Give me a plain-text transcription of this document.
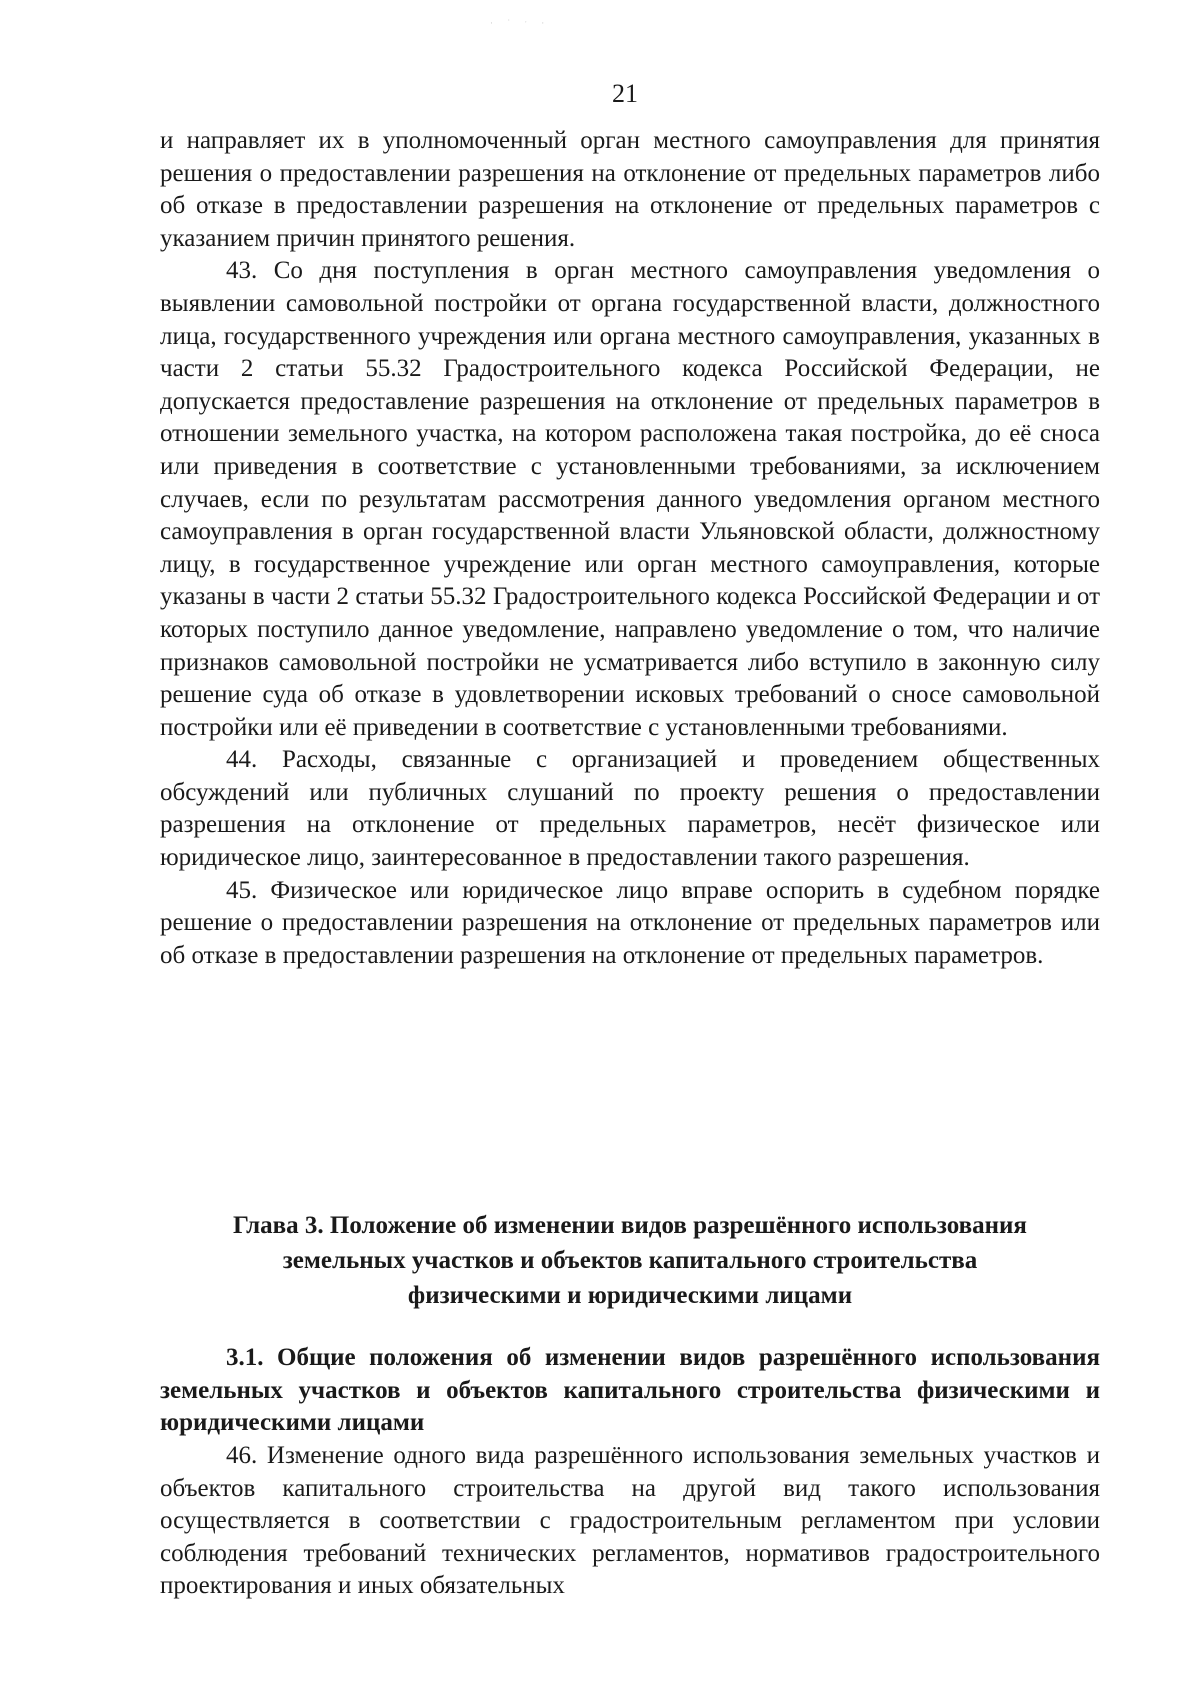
· ˙ ˑ ·
21

и направляет их в уполномоченный орган местного самоуправления для принятия решения о предоставлении разрешения на отклонение от предельных параметров либо об отказе в предоставлении разрешения на отклонение от предельных параметров с указанием причин принятого решения.

43. Со дня поступления в орган местного самоуправления уведомления о выявлении самовольной постройки от органа государственной власти, должностного лица, государственного учреждения или органа местного самоуправления, указанных в части 2 статьи 55.32 Градостроительного кодекса Российской Федерации, не допускается предоставление разрешения на отклонение от предельных параметров в отношении земельного участка, на котором расположена такая постройка, до её сноса или приведения в соответствие с установленными требованиями, за исключением случаев, если по результатам рассмотрения данного уведомления органом местного самоуправления в орган государственной власти Ульяновской области, должностному лицу, в государственное учреждение или орган местного самоуправления, которые указаны в части 2 статьи 55.32 Градостроительного кодекса Российской Федерации и от которых поступило данное уведомление, направлено уведомление о том, что наличие признаков самовольной постройки не усматривается либо вступило в законную силу решение суда об отказе в удовлетворении исковых требований о сносе самовольной постройки или её приведении в соответствие с установленными требованиями.

44. Расходы, связанные с организацией и проведением общественных обсуждений или публичных слушаний по проекту решения о предоставлении разрешения на отклонение от предельных параметров, несёт физическое или юридическое лицо, заинтересованное в предоставлении такого разрешения.

45. Физическое или юридическое лицо вправе оспорить в судебном порядке решение о предоставлении разрешения на отклонение от предельных параметров или об отказе в предоставлении разрешения на отклонение от предельных параметров.

Глава 3. Положение об изменении видов разрешённого использования
земельных участков и объектов капитального строительства
физическими и юридическими лицами
3.1. Общие положения об изменении видов разрешённого использования земельных участков и объектов капитального строительства физическими и юридическими лицами

46. Изменение одного вида разрешённого использования земельных участков и объектов капитального строительства на другой вид такого использования осуществляется в соответствии с градостроительным регламентом при условии соблюдения требований технических регламентов, нормативов градостроительного проектирования и иных обязательных
